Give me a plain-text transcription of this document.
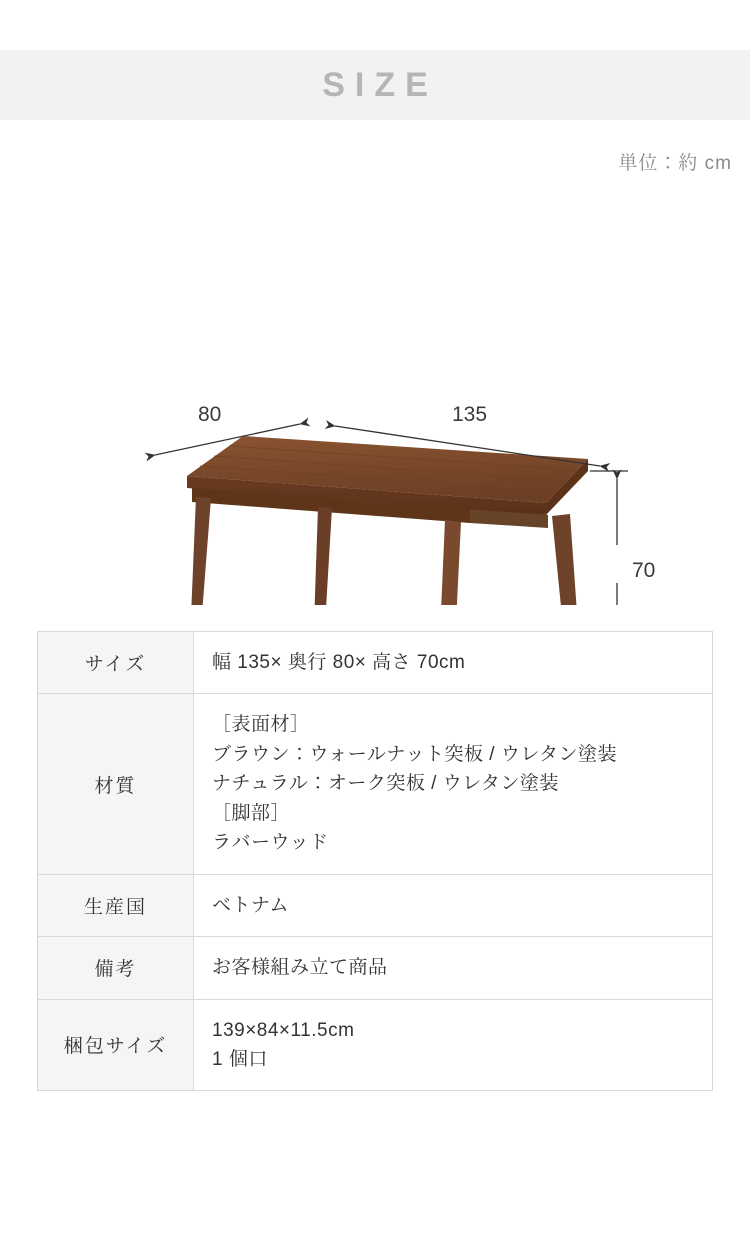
SIZE
単位：約 cm
80	135
70
サイズ	幅 135× 奥行 80× 高さ 70cm

材質	［表面材］
ブラウン：ウォールナット突板 / ウレタン塗装
ナチュラル：オーク突板 / ウレタン塗装
［脚部］
ラバーウッド

生産国	ベトナム

備考	お客様組み立て商品

梱包サイズ	139×84×11.5cm
1 個口
